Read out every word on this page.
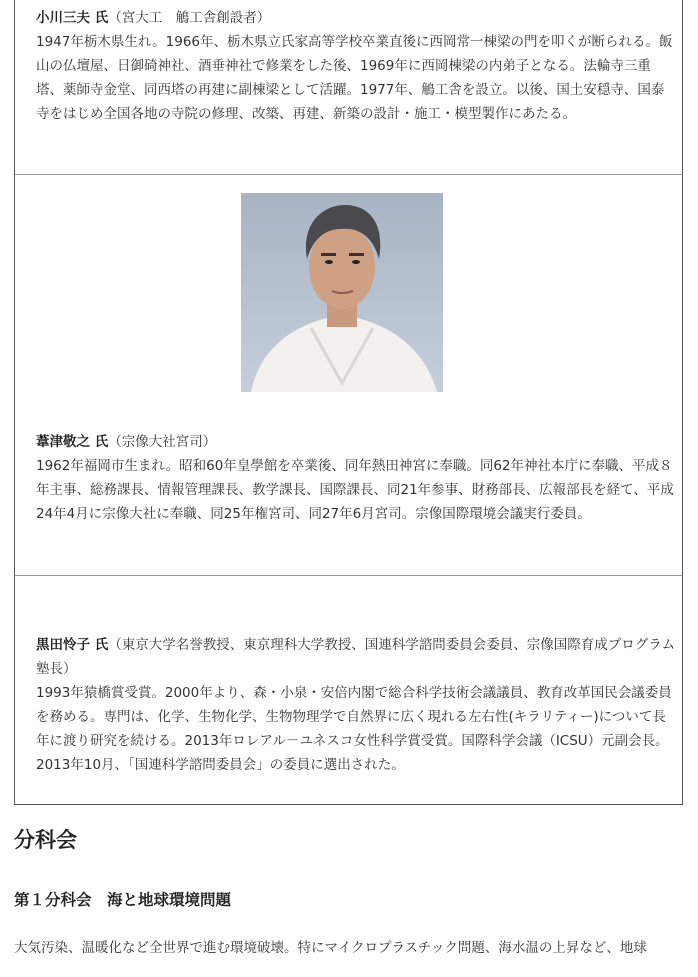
小川三夫 氏（宮大工　鵤工舎創設者）

1947年栃木県生れ。1966年、栃木県立氏家高等学校卒業直後に西岡常一棟梁の門を叩くが断られる。飯山の仏壇屋、日御碕神社、酒垂神社で修業をした後、1969年に西岡棟梁の内弟子となる。法輪寺三重塔、薬師寺金堂、同西塔の再建に副棟梁として活躍。1977年、鵤工舎を設立。以後、国土安穏寺、国泰寺をはじめ全国各地の寺院の修理、改築、再建、新築の設計・施工・模型製作にあたる。

葦津敬之 氏（宗像大社宮司）

1962年福岡市生まれ。昭和60年皇學館を卒業後、同年熱田神宮に奉職。同62年神社本庁に奉職、平成８年主事、総務課長、情報管理課長、教学課長、国際課長、同21年参事、財務部長、広報部長を経て、平成24年4月に宗像大社に奉職、同25年権宮司、同27年6月宮司。宗像国際環境会議実行委員。

黒田怜子 氏（東京大学名誉教授、東京理科大学教授、国連科学諮問委員会委員、宗像国際育成プログラム塾長）

1993年猿橋賞受賞。2000年より、森・小泉・安倍内閣で総合科学技術会議議員、教育改革国民会議委員を務める。専門は、化学、生物化学、生物物理学で自然界に広く現れる左右性(キラリティー)について長年に渡り研究を続ける。2013年ロレアル－ユネスコ女性科学賞受賞。国際科学会議（ICSU）元副会長。2013年10月、「国連科学諮問委員会」の委員に選出された。

分科会
第１分科会　海と地球環境問題

大気汚染、温暖化など全世界で進む環境破壊。特にマイクロプラスチック問題、海水温の上昇など、地球
